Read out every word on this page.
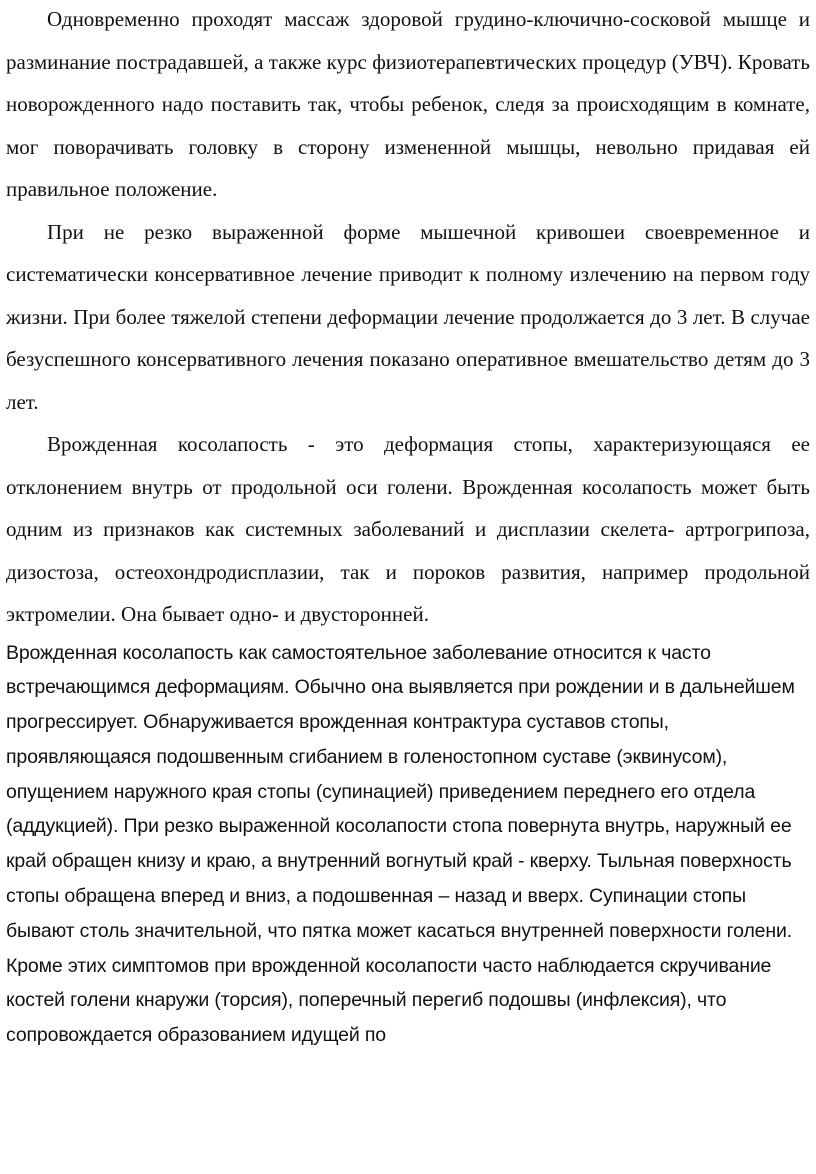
Одновременно проходят массаж здоровой грудино-ключично-сосковой мышце и разминание пострадавшей, а также курс физиотерапевтических процедур (УВЧ). Кровать новорожденного надо поставить так, чтобы ребенок, следя за происходящим в комнате, мог поворачивать головку в сторону измененной мышцы, невольно придавая ей правильное положение.

При не резко выраженной форме мышечной кривошеи своевременное и систематически консервативное лечение приводит к полному излечению на первом году жизни. При более тяжелой степени деформации лечение продолжается до 3 лет. В случае безуспешного консервативного лечения показано оперативное вмешательство детям до 3 лет.

Врожденная косолапость - это деформация стопы, характеризующаяся ее отклонением внутрь от продольной оси голени. Врожденная косолапость может быть одним из признаков как системных заболеваний и дисплазии скелета- артрогрипоза, дизостоза, остеохондродисплазии, так и пороков развития, например продольной эктромелии. Она бывает одно- и двусторонней.

Врожденная косолапость как самостоятельное заболевание относится к часто встречающимся деформациям. Обычно она выявляется при рождении и в дальнейшем прогрессирует. Обнаруживается врожденная контрактура суставов стопы, проявляющаяся подошвенным сгибанием в голеностопном суставе (эквинусом), опущением наружного края стопы (супинацией) приведением переднего его отдела (аддукцией). При резко выраженной косолапости стопа повернута внутрь, наружный ее край обращен книзу и краю, а внутренний вогнутый край - кверху. Тыльная поверхность стопы обращена вперед и вниз, а подошвенная – назад и вверх. Супинации стопы бывают столь значительной, что пятка может касаться внутренней поверхности голени. Кроме этих симптомов при врожденной косолапости часто наблюдается скручивание костей голени кнаружи (торсия), поперечный перегиб подошвы (инфлексия), что сопровождается образованием идущей по
